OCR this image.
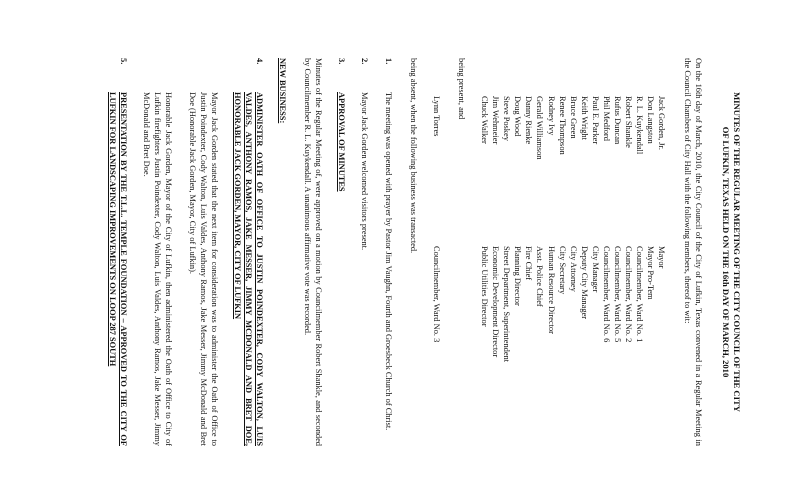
MINUTES OF THE REGULAR MEETING OF THE CITY COUNCIL OF THE CITY
OF LUFKIN, TEXAS HELD ON THE 16th DAY OF MARCH, 2010
On the 16th day of March, 2010, the City Council of the City of Lufkin, Texas convened in a Regular Meeting in the Council Chambers of City Hall with the following members, thereof to wit:
Jack Gorden, Jr.	Mayor
Don Langston	Mayor Pro-Tem
R. L. Kuykendall	Councilmember, Ward No. 1
Robert Shankle	Councilmember, Ward No. 2
Rufus Duncan	Councilmember, Ward No. 5
Phil Medford	Councilmember, Ward No. 6
Paul E. Parker	City Manager
Keith Wright	Deputy City Manager
Bruce Green	City Attorney
Renee Thompson	City Secretary
Rodney Ivy	Human Resource Director
Gerald Williamson	Asst. Police Chief
Danny Rienke	Fire Chief
Doug Wood	Planning Director
Steve Poskey	Street Department, Superintendent
Jim Wehmeier	Economic Development Director
Chuck Walker	Public Utilities Director
being present, and
Lynn Torres	Councilmember, Ward No. 3
being absent, when the following business was transacted.
1.
The meeting was opened with prayer by Pastor Jim Vaughn, Fourth and Groesbeck Church of Christ.
2.
Mayor Jack Gorden welcomed visitors present.
3.
APPROVAL OF MINUTES
Minutes of the Regular Meeting of, were approved on a motion by Councilmember Robert Shankle, and seconded by Councilmember R. L. Kuykendall. A unanimous affirmative vote was recorded.
NEW BUSINESS:
4.
ADMINISTER OATH OF OFFICE TO JUSTIN POINDEXTER, CODY WALTON, LUIS VALDES, ANTHONY RAMOS, JAKE MESSER, JIMMY MCDONALD AND BRET DOE, HONORABLE JACK GORDEN, MAYOR, CITY OF LUFKIN
Mayor Jack Gorden stated that the next item for consideration was to administer the Oath of Office to Justin Poindexter, Cody Walton, Luis Valdes, Anthony Ramos, Jake Messer, Jimmy McDonald and Bret Doe (Honorable Jack Gorden, Mayor, City of Lufkin).
Honorable Jack Gorden, Mayor of the City of Lufkin, then administered the Oath of Office to City of Lufkin firefighters Justin Poindexter, Cody Walton, Luis Valdes, Anthony Ramos, Jake Messer, Jimmy McDonald and Bret Doe.
5.
PRESENTATION BY THE T.L.L. TEMPLE FOUNDATION – APPROVED TO THE CITY OF LUFKIN FOR LANDSCAPING IMPROVEMENTS ON LOOP 287 SOUTH
